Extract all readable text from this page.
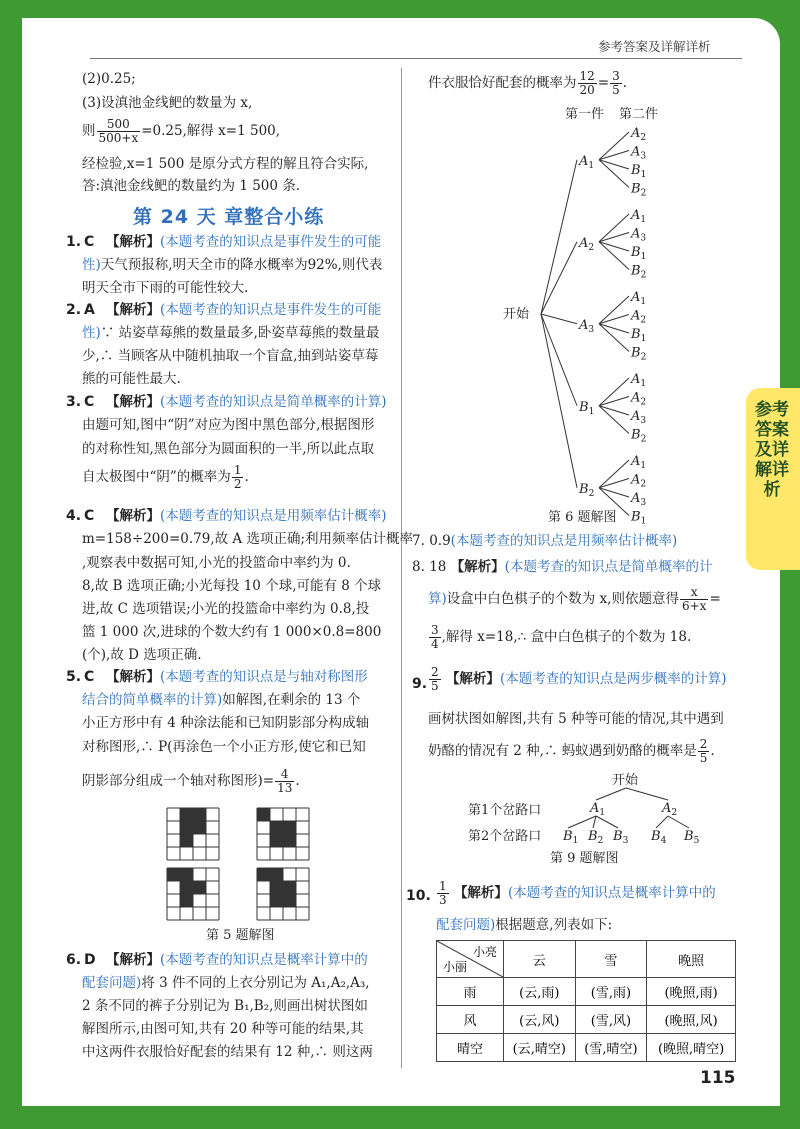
参考答案及详解详析
参考答案及详解详析
115
(2)0.25;
(3)设滇池金线鲃的数量为 x,
则 $\frac{500}{500+x} =0.25$,解得 x=1 500,
经检验,x=1 500 是原分式方程的解且符合实际,
答:滇池金线鲃的数量约为 1 500 条.
第 24 天 章整合小练
1. C 【解析】(本题考查的知识点是事件发生的可能
性)天气预报称,明天全市的降水概率为92%,则代表
明天全市下雨的可能性较大.
2. A 【解析】(本题考查的知识点是事件发生的可能
性)∵ 站姿草莓熊的数量最多,卧姿草莓熊的数量最
少,∴ 当顾客从中随机抽取一个盲盒,抽到站姿草莓
熊的可能性最大.
3. C 【解析】(本题考查的知识点是简单概率的计算)
由题可知,图中“阴”对应为图中黑色部分,根据图形
的对称性知,黑色部分为圆面积的一半,所以此点取
自太极图中“阴”的概率为 $\frac{1}{2}$ .
4. C 【解析】(本题考查的知识点是用频率估计概率)
m=158÷200=0.79,故 A 选项正确;利用频率估计概率
,观察表中数据可知,小光的投篮命中率约为 0.
8,故 B 选项正确;小光每投 10 个球,可能有 8 个球
进,故 C 选项错误;小光的投篮命中率约为 0.8,投
篮 1 000 次,进球的个数大约有 1 000×0.8=800
(个),故 D 选项正确.
5. C 【解析】(本题考查的知识点是与轴对称图形
结合的简单概率的计算)如解图,在剩余的 13 个
小正方形中有 4 种涂法能和已知阴影部分构成轴
对称图形,∴ P(再涂色一个小正方形,使它和已知
阴影部分组成一个轴对称图形)= $\frac{4}{13}$ .
第 5 题解图
6. D 【解析】(本题考查的知识点是概率计算中的
配套问题)将 3 件不同的上衣分别记为 A₁,A₂,A₃,
2 条不同的裤子分别记为 B₁,B₂,则画出树状图如
解图所示,由图可知,共有 20 种等可能的结果,其
中这两件衣服恰好配套的结果有 12 种,∴ 则这两
件衣服恰好配套的概率为 $\frac{12}{20} = \frac{3}{5}$ .
第一件 第二件
开始
$A_1$
$A_2$
$A_3$
$B_1$
$B_2$
$A_2$
$A_1$
$A_3$
$B_1$
$B_2$
$A_3$
$A_1$
$A_2$
$B_1$
$B_2$
$B_1$
$A_1$
$A_2$
$A_3$
$B_2$
$B_2$
$A_1$
$A_2$
$A_3$
$B_1$
第 6 题解图
7. 0.9(本题考查的知识点是用频率估计概率)
8. 18 【解析】(本题考查的知识点是简单概率的计
算)设盒中白色棋子的个数为 x,则依题意得 $\frac{x}{6+x}$ =
$\frac{3}{4}$ ,解得 x=18,∴ 盒中白色棋子的个数为 18.
9. $\frac{2}{5}$ 【解析】(本题考查的知识点是两步概率的计算)
画树状图如解图,共有 5 种等可能的情况,其中遇到
奶酪的情况有 2 种,∴ 蚂蚁遇到奶酪的概率是 $\frac{2}{5}$ .
开始
第1个岔路口
第2个岔路口
$A_1$	$A_2$
$B_1$ $B_2$ $B_3$ $B_4$ $B_5$
第 9 题解图
10. $\frac{1}{3}$ 【解析】(本题考查的知识点是概率计算中的
配套问题)根据题意,列表如下:
小亮
小丽	云	雪	晚照
雨	(云,雨)	(雪,雨)	(晚照,雨)
风	(云,风)	(雪,风)	(晚照,风)
晴空	(云,晴空)	(雪,晴空)	(晚照,晴空)
